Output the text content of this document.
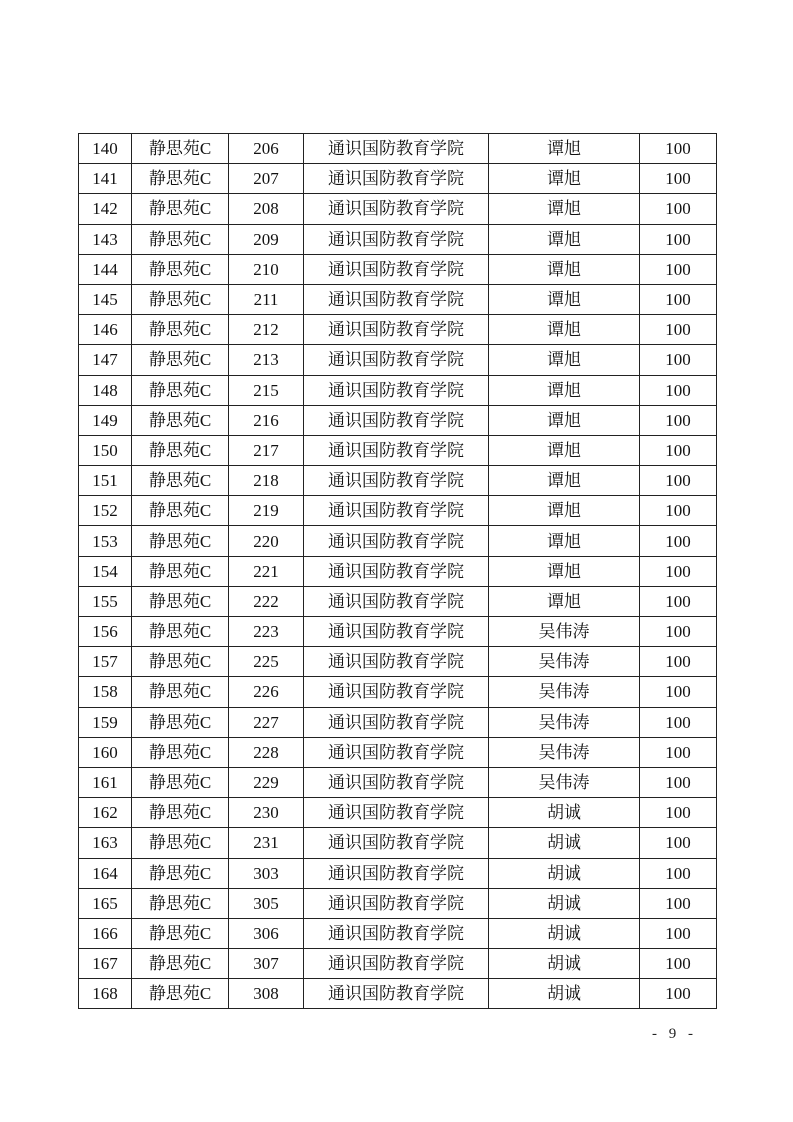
140	静思苑C	206	通识国防教育学院	谭旭	100
141	静思苑C	207	通识国防教育学院	谭旭	100
142	静思苑C	208	通识国防教育学院	谭旭	100
143	静思苑C	209	通识国防教育学院	谭旭	100
144	静思苑C	210	通识国防教育学院	谭旭	100
145	静思苑C	211	通识国防教育学院	谭旭	100
146	静思苑C	212	通识国防教育学院	谭旭	100
147	静思苑C	213	通识国防教育学院	谭旭	100
148	静思苑C	215	通识国防教育学院	谭旭	100
149	静思苑C	216	通识国防教育学院	谭旭	100
150	静思苑C	217	通识国防教育学院	谭旭	100
151	静思苑C	218	通识国防教育学院	谭旭	100
152	静思苑C	219	通识国防教育学院	谭旭	100
153	静思苑C	220	通识国防教育学院	谭旭	100
154	静思苑C	221	通识国防教育学院	谭旭	100
155	静思苑C	222	通识国防教育学院	谭旭	100
156	静思苑C	223	通识国防教育学院	吴伟涛	100
157	静思苑C	225	通识国防教育学院	吴伟涛	100
158	静思苑C	226	通识国防教育学院	吴伟涛	100
159	静思苑C	227	通识国防教育学院	吴伟涛	100
160	静思苑C	228	通识国防教育学院	吴伟涛	100
161	静思苑C	229	通识国防教育学院	吴伟涛	100
162	静思苑C	230	通识国防教育学院	胡诚	100
163	静思苑C	231	通识国防教育学院	胡诚	100
164	静思苑C	303	通识国防教育学院	胡诚	100
165	静思苑C	305	通识国防教育学院	胡诚	100
166	静思苑C	306	通识国防教育学院	胡诚	100
167	静思苑C	307	通识国防教育学院	胡诚	100
168	静思苑C	308	通识国防教育学院	胡诚	100
- 9 -
